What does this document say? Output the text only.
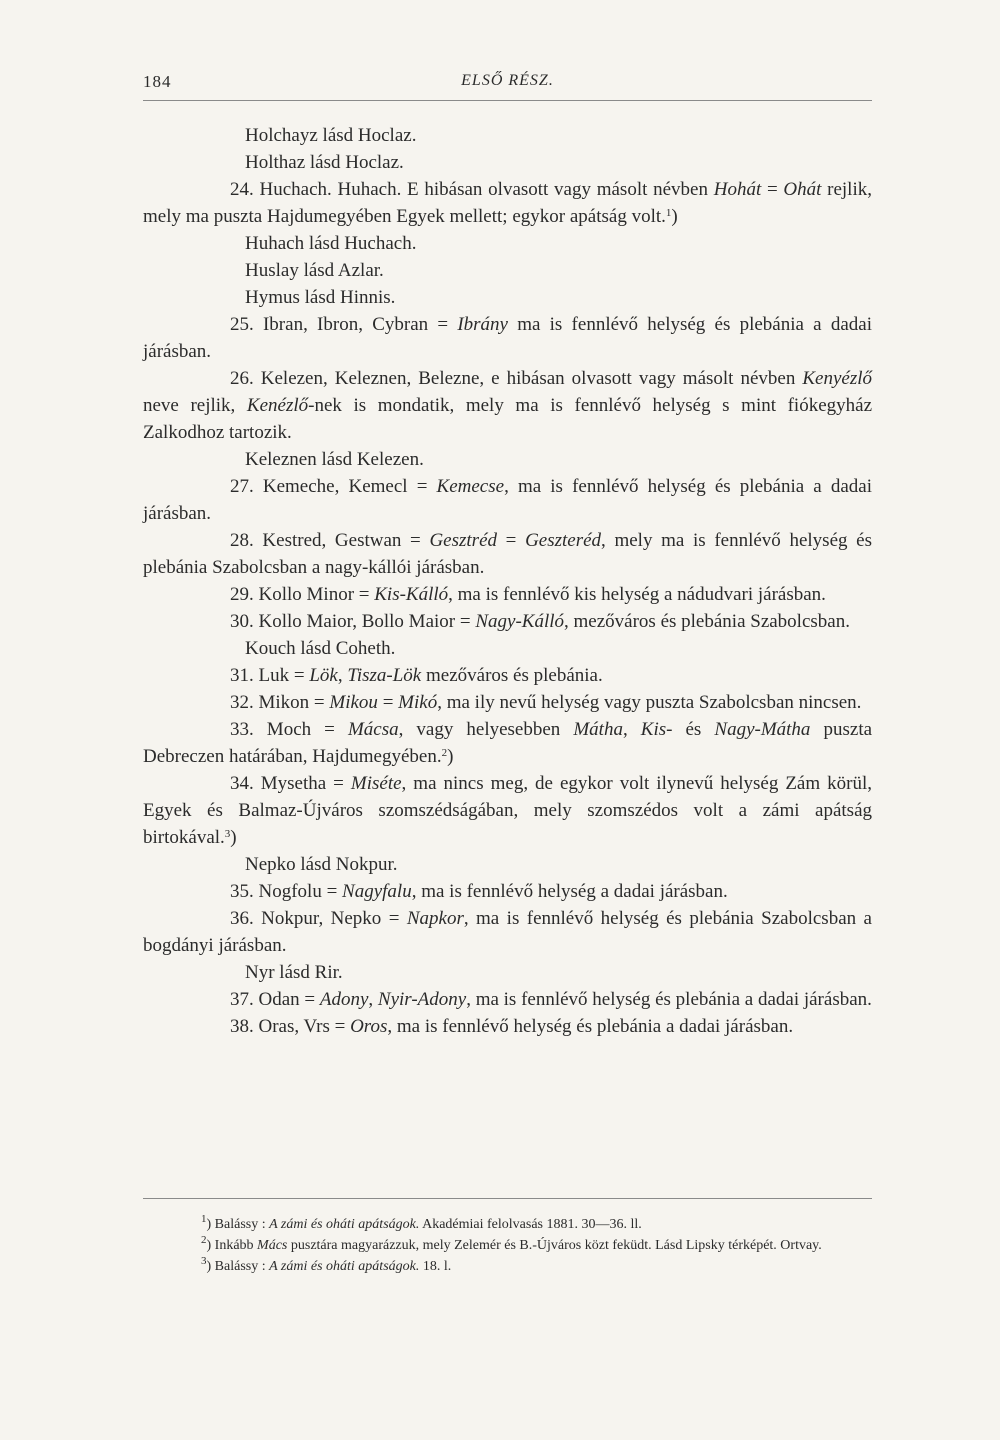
184	ELSŐ RÉSZ.

Holchayz lásd Hoclaz.

Holthaz lásd Hoclaz.

24. Huchach. Huhach. E hibásan olvasott vagy másolt névben Hohát = Ohát rejlik, mely ma puszta Hajdumegyében Egyek mellett; egykor apátság volt.$^1$)

Huhach lásd Huchach.

Huslay lásd Azlar.

Hymus lásd Hinnis.

25. Ibran, Ibron, Cybran = Ibrány ma is fennlévő helység és plebánia a dadai járásban.

26. Kelezen, Keleznen, Belezne, e hibásan olvasott vagy másolt névben Kenyézlő neve rejlik, Kenézlő-nek is mondatik, mely ma is fennlévő helység s mint fiókegyház Zalkodhoz tartozik.

Keleznen lásd Kelezen.

27. Kemeche, Kemecl = Kemecse, ma is fennlévő helység és plebánia a dadai járásban.

28. Kestred, Gestwan = Gesztréd = Geszteréd, mely ma is fennlévő helység és plebánia Szabolcsban a nagy-kállói járásban.

29. Kollo Minor = Kis-Kálló, ma is fennlévő kis helység a nádudvari járásban.

30. Kollo Maior, Bollo Maior = Nagy-Kálló, mezőváros és plebánia Szabolcsban.

Kouch lásd Coheth.

31. Luk = Lök, Tisza-Lök mezőváros és plebánia.

32. Mikon = Mikou = Mikó, ma ily nevű helység vagy puszta Szabolcsban nincsen.

33. Moch = Mácsa, vagy helyesebben Mátha, Kis- és Nagy-Mátha puszta Debreczen határában, Hajdumegyében.$^2$)

34. Mysetha = Miséte, ma nincs meg, de egykor volt ilynevű helység Zám körül, Egyek és Balmaz-Újváros szomszédságában, mely szomszédos volt a zámi apátság birtokával.$^3$)

Nepko lásd Nokpur.

35. Nogfolu = Nagyfalu, ma is fennlévő helység a dadai járásban.

36. Nokpur, Nepko = Napkor, ma is fennlévő helység és plebánia Szabolcsban a bogdányi járásban.

Nyr lásd Rir.

37. Odan = Adony, Nyir-Adony, ma is fennlévő helység és plebánia a dadai járásban.

38. Oras, Vrs = Oros, ma is fennlévő helység és plebánia a dadai járásban.

$^1$) Balássy : A zámi és oháti apátságok. Akadémiai felolvasás 1881. 30—36. ll.

$^2$) Inkább Mács pusztára magyarázzuk, mely Zelemér és B.-Újváros közt feküdt. Lásd Lipsky térképét. Ortvay.

$^3$) Balássy : A zámi és oháti apátságok. 18. l.
